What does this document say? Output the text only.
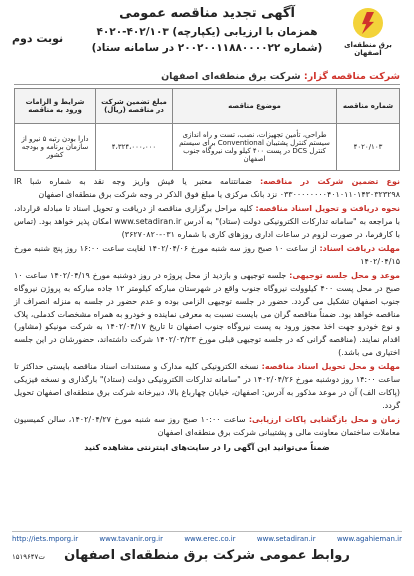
برق منطقه‌ای اصفهان
آگهی تجدید مناقصه عمومی
همزمان با ارزیابی (یکپارچه) ۴۰۲/۱۰۳-۴۰۲۰
(شماره ۲۰۰۲۰۰۱۱۸۸۰۰۰۰۲۲ در سامانه ستاد)
نوبت دوم
شرکت مناقصه گزار: شرکت برق منطقه‌ای اصفهان
شماره مناقصه	موضوع مناقصه	مبلغ تضمین شرکت در مناقصه (ریال)	شرایط و الزامات ورود به مناقصه
۴۰۲۰/۱۰۳	طراحی، تأمین تجهیزات، نصب، تست و راه اندازی سیستم کنترل پشتیبان Conventional برای سیستم کنترل DCS در پست ۴۰۰ کیلو ولت نیروگاه جنوب اصفهان	۴،۳۲۴،۰۰۰،۰۰۰	دارا بودن رتبه ۵ نیرو از سازمان برنامه و بودجه کشور

نوع تضمین شرکت در مناقصه: ضمانتنامه معتبر یا فیش واریز وجه نقد به شماره شبا IR ۰۳۳۰۰۰۰۰۰۰۰۴۰۱۰۱۱۰۱۴۳۰۳۲۳۲۹۸ نزد بانک مرکزی یا مبلغ فوق الذکر در وجه شرکت برق منطقه‌ای اصفهان

نحوه دریافت و تحویل اسناد مناقصه: کلیه مراحل برگزاری مناقصه از دریافت و تحویل اسناد تا مبادله قرارداد، با مراجعه به "سامانه تدارکات الکترونیکی دولت (ستاد)" به آدرس www.setadiran.ir امکان پذیر خواهد بود. (تماس با کارفرما، در صورت لزوم در ساعات اداری روزهای کاری با شماره ۰۳۱-۳۶۲۷۰۸۲۰)

مهلت دریافت اسناد: از ساعت ۱۰ صبح روز سه شنبه مورخ ۱۴۰۲/۰۴/۰۶ لغایت ساعت ۱۶:۰۰ روز پنج شنبه مورخ ۱۴۰۲/۰۴/۱۵

موعد و محل جلسه توجیهی: جلسه توجیهی و بازدید از محل پروژه در روز دوشنبه مورخ ۱۴۰۲/۰۴/۱۹ ساعت ۱۰ صبح در محل پست ۴۰۰ کیلوولت نیروگاه جنوب واقع در شهرستان مبارکه کیلومتر ۱۲ جاده مبارکه به پروژن نیروگاه جنوب اصفهان تشکیل می گردد. حضور در جلسه توجیهی الزامی بوده و عدم حضور در جلسه به منزله انصراف از مناقصه خواهد بود. ضمناً مناقصه گران می بایست نسبت به معرفی نماینده و خودرو به همراه مشخصات کدملی، پلاک و نوع خودرو جهت اخذ مجوز ورود به پست نیروگاه جنوب اصفهان تا تاریخ ۱۴۰۲/۰۴/۱۷ به شرکت مونیکو (مشاور) اقدام نمایند. (مناقصه گرانی که در جلسه توجیهی قبلی مورخ ۱۴۰۲/۰۳/۲۳ شرکت داشته‌اند، حضورشان در این جلسه اختیاری می باشد.)

مهلت و محل تحویل اسناد مناقصه: نسخه الکترونیکی کلیه مدارک و مستندات اسناد مناقصه بایستی حداکثر تا ساعت ۱۴:۰۰ روز دوشنبه مورخ ۱۴۰۲/۰۴/۲۶ در "سامانه تدارکات الکترونیکی دولت (ستاد)" بارگذاری و نسخه فیزیکی (پاکات الف) آن در موعد مذکور به آدرس: اصفهان، خیابان چهارباغ بالا، دبیرخانه شرکت برق منطقه‌ای اصفهان تحویل گردد.

زمان و محل بازگشایی پاکات ارزیابی: ساعت ۱۰:۰۰ صبح روز سه شنبه مورخ ۱۴۰۲/۰۴/۲۷، سالن کمیسیون معاملات ساختمان معاونت مالی و پشتیبانی شرکت برق منطقه‌ای اصفهان

ضمناً می‌توانید این آگهی را در سایت‌های اینترنتی مشاهده کنید
http://iets.mporg.ir	www.tavanir.org.ir	www.erec.co.ir	www.setadiran.ir	www.agahieman.ir
روابط عمومی شرکت برق منطقه‌ای اصفهان
ت۱۵۱۹۶۴۷
